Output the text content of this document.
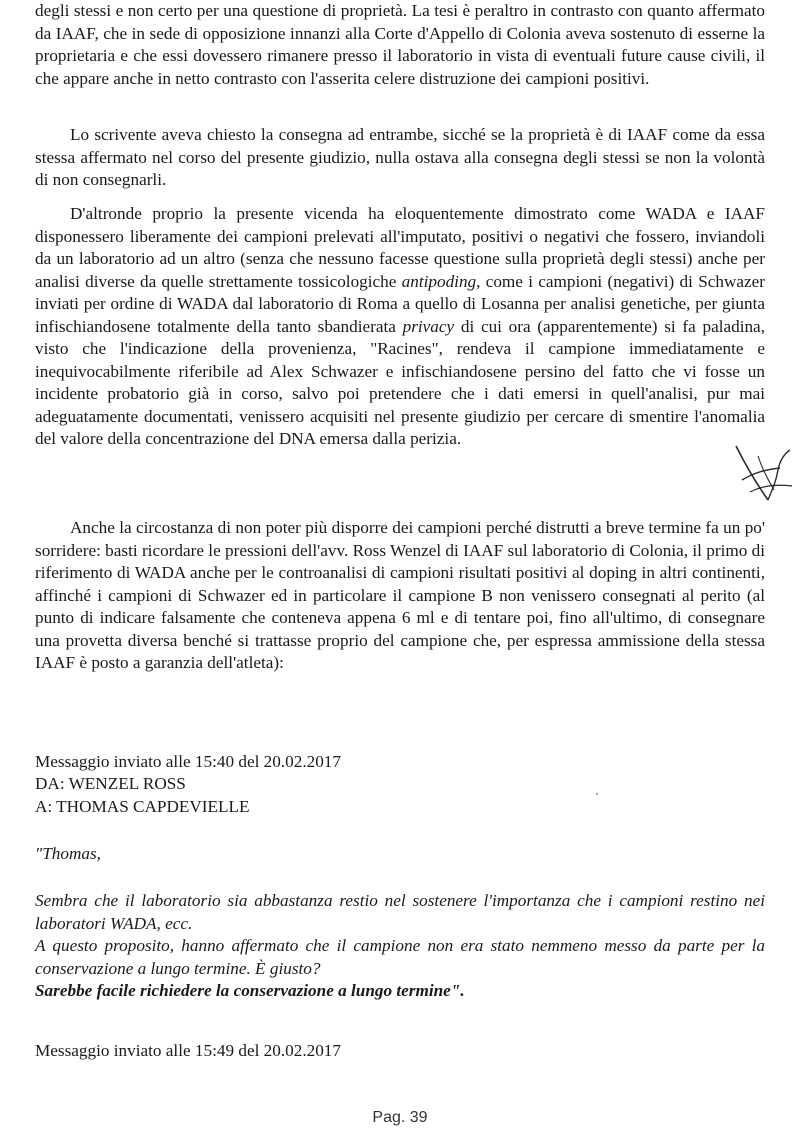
degli stessi e non certo per una questione di proprietà. La tesi è peraltro in contrasto con quanto affermato da IAAF, che in sede di opposizione innanzi alla Corte d'Appello di Colonia aveva sostenuto di esserne la proprietaria e che essi dovessero rimanere presso il laboratorio in vista di eventuali future cause civili, il che appare anche in netto contrasto con l'asserita celere distruzione dei campioni positivi.

Lo scrivente aveva chiesto la consegna ad entrambe, sicché se la proprietà è di IAAF come da essa stessa affermato nel corso del presente giudizio, nulla ostava alla consegna degli stessi se non la volontà di non consegnarli.

D'altronde proprio la presente vicenda ha eloquentemente dimostrato come WADA e IAAF disponessero liberamente dei campioni prelevati all'imputato, positivi o negativi che fossero, inviandoli da un laboratorio ad un altro (senza che nessuno facesse questione sulla proprietà degli stessi) anche per analisi diverse da quelle strettamente tossicologiche antipoding, come i campioni (negativi) di Schwazer inviati per ordine di WADA dal laboratorio di Roma a quello di Losanna per analisi genetiche, per giunta infischiandosene totalmente della tanto sbandierata privacy di cui ora (apparentemente) si fa paladina, visto che l'indicazione della provenienza, "Racines", rendeva il campione immediatamente e inequivocabilmente riferibile ad Alex Schwazer e infischiandosene persino del fatto che vi fosse un incidente probatorio già in corso, salvo poi pretendere che i dati emersi in quell'analisi, pur mai adeguatamente documentati, venissero acquisiti nel presente giudizio per cercare di smentire l'anomalia del valore della concentrazione del DNA emersa dalla perizia.

Anche la circostanza di non poter più disporre dei campioni perché distrutti a breve termine fa un po' sorridere: basti ricordare le pressioni dell'avv. Ross Wenzel di IAAF sul laboratorio di Colonia, il primo di riferimento di WADA anche per le controanalisi di campioni risultati positivi al doping in altri continenti, affinché i campioni di Schwazer ed in particolare il campione B non venissero consegnati al perito (al punto di indicare falsamente che conteneva appena 6 ml e di tentare poi, fino all'ultimo, di consegnare una provetta diversa benché si trattasse proprio del campione che, per espressa ammissione della stessa IAAF è posto a garanzia dell'atleta):

Messaggio inviato alle 15:40 del 20.02.2017

DA: WENZEL ROSS

A: THOMAS CAPDEVIELLE

"Thomas,

Sembra che il laboratorio sia abbastanza restio nel sostenere l'importanza che i campioni restino nei laboratori WADA, ecc.
A questo proposito, hanno affermato che il campione non era stato nemmeno messo da parte per la conservazione a lungo termine. È giusto?
Sarebbe facile richiedere la conservazione a lungo termine".

Messaggio inviato alle 15:49 del 20.02.2017

Pag. 39
